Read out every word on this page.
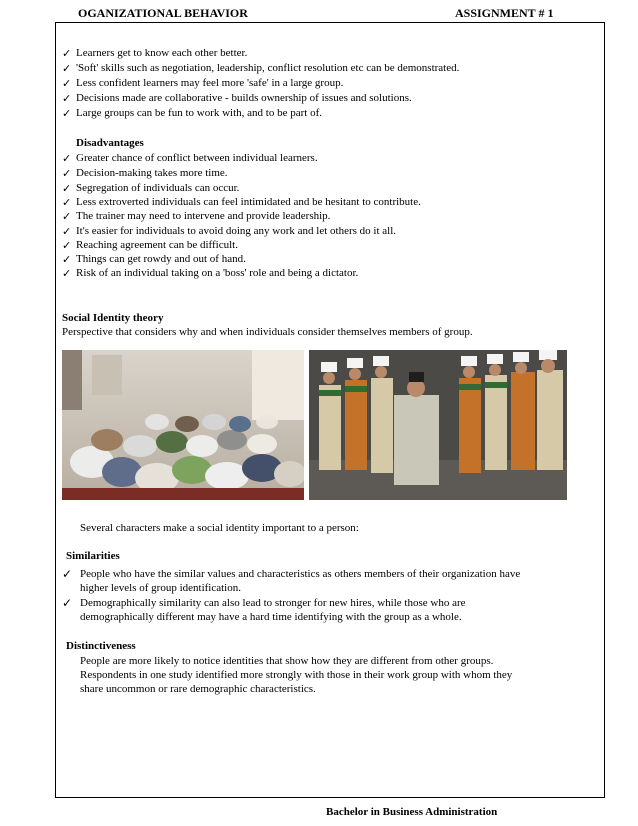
OGANIZATIONAL BEHAVIOR	ASSIGNMENT # 1
✓ Learners get to know each other better.
✓ 'Soft' skills such as negotiation, leadership, conflict resolution etc can be demonstrated.
✓ Less confident learners may feel more 'safe' in a large group.
✓ Decisions made are collaborative - builds ownership of issues and solutions.
✓ Large groups can be fun to work with, and to be part of.
Disadvantages
✓ Greater chance of conflict between individual learners.
✓ Decision-making takes more time.
✓ Segregation of individuals can occur.
✓ Less extroverted individuals can feel intimidated and be hesitant to contribute.
✓ The trainer may need to intervene and provide leadership.
✓ It's easier for individuals to avoid doing any work and let others do it all.
✓ Reaching agreement can be difficult.
✓ Things can get rowdy and out of hand.
✓ Risk of an individual taking on a 'boss' role and being a dictator.
Social Identity theory
Perspective that considers why and when individuals consider themselves members of group.
Several characters make a social identity important to a person:
Similarities
✓ People who have the similar values and characteristics as others members of their organization have
higher levels of group identification.
✓ Demographically similarity can also lead to stronger for new hires, while those who are
demographically different may have a hard time identifying with the group as a whole.
Distinctiveness
People are more likely to notice identities that show how they are different from other groups.
Respondents in one study identified more strongly with those in their work group with whom they
share uncommon or rare demographic characteristics.
Bachelor in Business Administration
